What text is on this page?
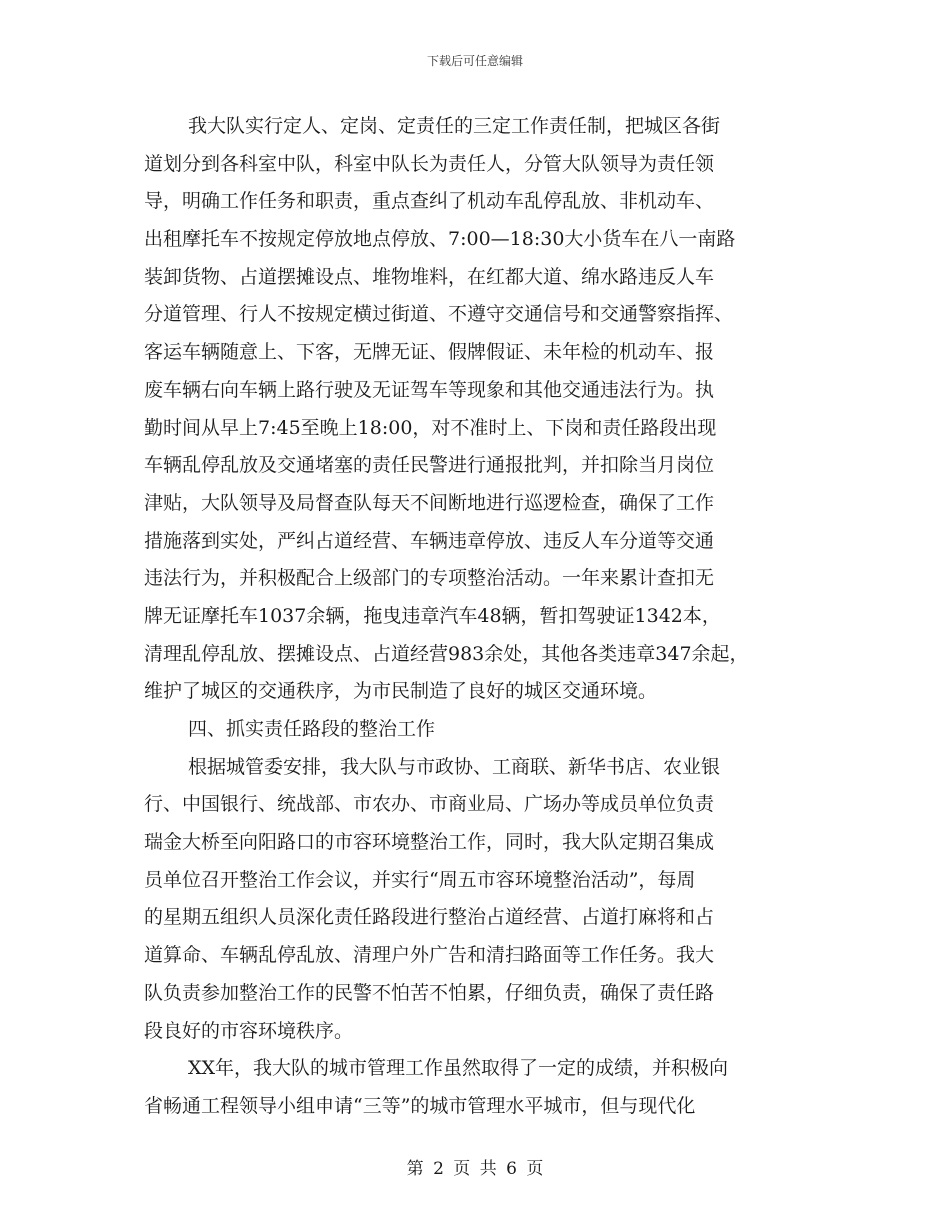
下载后可任意编辑
我大队实行定人、定岗、定责任的三定工作责任制，把城区各街
道划分到各科室中队，科室中队长为责任人，分管大队领导为责任领
导，明确工作任务和职责，重点查纠了机动车乱停乱放、非机动车、
出租摩托车不按规定停放地点停放、7:00—18:30大小货车在八一南路
装卸货物、占道摆摊设点、堆物堆料，在红都大道、绵水路违反人车
分道管理、行人不按规定横过街道、不遵守交通信号和交通警察指挥、
客运车辆随意上、下客，无牌无证、假牌假证、未年检的机动车、报
废车辆右向车辆上路行驶及无证驾车等现象和其他交通违法行为。执
勤时间从早上7:45至晚上18:00，对不准时上、下岗和责任路段出现
车辆乱停乱放及交通堵塞的责任民警进行通报批判，并扣除当月岗位
津贴，大队领导及局督查队每天不间断地进行巡逻检查，确保了工作
措施落到实处，严纠占道经营、车辆违章停放、违反人车分道等交通
违法行为，并积极配合上级部门的专项整治活动。一年来累计查扣无
牌无证摩托车1037余辆，拖曳违章汽车48辆，暂扣驾驶证1342本，
清理乱停乱放、摆摊设点、占道经营983余处，其他各类违章347余起，
维护了城区的交通秩序，为市民制造了良好的城区交通环境。
四、抓实责任路段的整治工作
根据城管委安排，我大队与市政协、工商联、新华书店、农业银
行、中国银行、统战部、市农办、市商业局、广场办等成员单位负责
瑞金大桥至向阳路口的市容环境整治工作，同时，我大队定期召集成
员单位召开整治工作会议，并实行“周五市容环境整治活动”，每周
的星期五组织人员深化责任路段进行整治占道经营、占道打麻将和占
道算命、车辆乱停乱放、清理户外广告和清扫路面等工作任务。我大
队负责参加整治工作的民警不怕苦不怕累，仔细负责，确保了责任路
段良好的市容环境秩序。
XX年，我大队的城市管理工作虽然取得了一定的成绩，并积极向
省畅通工程领导小组申请“三等”的城市管理水平城市，但与现代化
第 2 页 共 6 页
